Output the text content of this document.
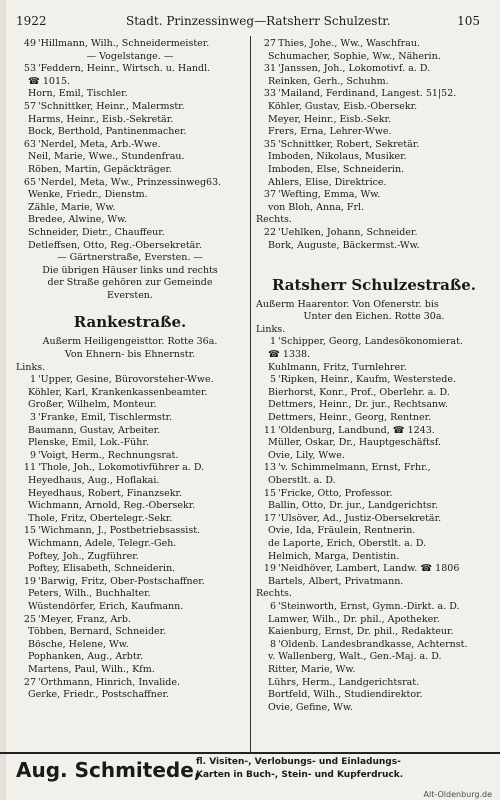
1922	Stadt. Prinzessinweg—Ratsherr Schulzestr.	105
49 'Hillmann, Wilh., Schneidermeister.
— Vogelstange. —
53 'Feddern, Heinr., Wirtsch. u. Handl.
☎ 1015.
Horn, Emil, Tischler.
57 'Schnittker, Heinr., Malermstr.
Harms, Heinr., Eisb.-Sekretär.
Bock, Berthold, Pantinenmacher.
63 'Nerdel, Meta, Arb.-Wwe.
Neil, Marie, Wwe., Stundenfrau.
Röben, Martin, Gepäckträger.
65 'Nerdel, Meta, Ww., Prinzessinweg63.
Wenke, Friedr., Dienstm.
Zähle, Marie, Ww.
Bredee, Alwine, Ww.
Schneider, Dietr., Chauffeur.
Detleffsen, Otto, Reg.-Obersekretär.
— Gärtnerstraße, Eversten. —
Die übrigen Häuser links und rechts
der Straße gehören zur Gemeinde
Eversten.
Rankestraße.
Außerm Heiligengeisttor. Rotte 36a.
Von Ehnern- bis Ehnernstr.
Links.
1 'Upper, Gesine, Bürovorsteher-Wwe.
Köhler, Karl, Krankenkassenbeamter.
Großer, Wilhelm, Monteur.
3 'Franke, Emil, Tischlermstr.
Baumann, Gustav, Arbeiter.
Plenske, Emil, Lok.-Führ.
9 'Voigt, Herm., Rechnungsrat.
11 'Thole, Joh., Lokomotivführer a. D.
Heyedhaus, Aug., Hoflakai.
Heyedhaus, Robert, Finanzsekr.
Wichmann, Arnold, Reg.-Obersekr.
Thole, Fritz, Obertelegr.-Sekr.
15 'Wichmann, J., Postbetriebsassist.
Wichmann, Adele, Telegr.-Geh.
Poftey, Joh., Zugführer.
Poftey, Elisabeth, Schneiderin.
19 'Barwig, Fritz, Ober-Postschaffner.
Peters, Wilh., Buchhalter.
Wüstendörfer, Erich, Kaufmann.
25 'Meyer, Franz, Arb.
Többen, Bernard, Schneider.
Bösche, Helene, Ww.
Pophanken, Aug., Arbtr.
Martens, Paul, Wilh., Kfm.
27 'Orthmann, Hinrich, Invalide.
Gerke, Friedr., Postschaffner.
27 Thies, Johe., Ww., Waschfrau.
Schumacher, Sophie, Ww., Näherin.
31 'Janssen, Joh., Lokomotivf. a. D.
Reinken, Gerh., Schuhm.
33 'Mailand, Ferdinand, Langest. 51|52.
Köhler, Gustav, Eisb.-Obersekr.
Meyer, Heinr., Eisb.-Sekr.
Frers, Erna, Lehrer-Wwe.
35 'Schnittker, Robert, Sekretär.
Imboden, Nikolaus, Musiker.
Imboden, Else, Schneiderin.
Ahlers, Elise, Direktrice.
37 'Wefting, Emma, Ww.
von Bloh, Anna, Frl.
Rechts.
22 'Uehlken, Johann, Schneider.
Bork, Auguste, Bäckermst.-Ww.
Ratsherr Schulzestraße.
Außerm Haarentor. Von Ofenerstr. bis
Unter den Eichen. Rotte 30a.
Links.
1 'Schipper, Georg, Landesökonomierat.
☎ 1338.
Kuhlmann, Fritz, Turnlehrer.
5 'Ripken, Heinr., Kaufm, Westerstede.
Bierhorst, Konr., Prof., Oberlehr. a. D.
Dettmers, Heinr., Dr. jur., Rechtsanw.
Dettmers, Heinr., Georg, Rentner.
11 'Oldenburg, Landbund, ☎ 1243.
Müller, Oskar, Dr., Hauptgeschäftsf.
Ovie, Lily, Wwe.
13 'v. Schimmelmann, Ernst, Frhr.,
Oberstlt. a. D.
15 'Fricke, Otto, Professor.
Ballin, Otto, Dr. jur., Landgerichtsr.
17 'Ulsöver, Ad., Justiz-Obersekretär.
Ovie, Ida, Fräulein, Rentnerin.
de Laporte, Erich, Oberstlt. a. D.
Helmich, Marga, Dentistin.
19 'Neidhöver, Lambert, Landw. ☎ 1806
Bartels, Albert, Privatmann.
Rechts.
6 'Steinworth, Ernst, Gymn.-Dirkt. a. D.
Lamwer, Wilh., Dr. phil., Apotheker.
Kaienburg, Ernst, Dr. phil., Redakteur.
8 'Oldenb. Landesbrandkasse, Achternst.
v. Wallenberg, Walt., Gen.-Maj. a. D.
Ritter, Marie, Ww.
Lührs, Herm., Landgerichtsrat.
Bortfeld, Wilh., Studiendirektor.
Ovie, Gefine, Ww.
Aug. Schmitede,
fl. Visiten-, Verlobungs- und Einladungs-
Karten in Buch-, Stein- und Kupferdruck.
Alt-Oldenburg.de
